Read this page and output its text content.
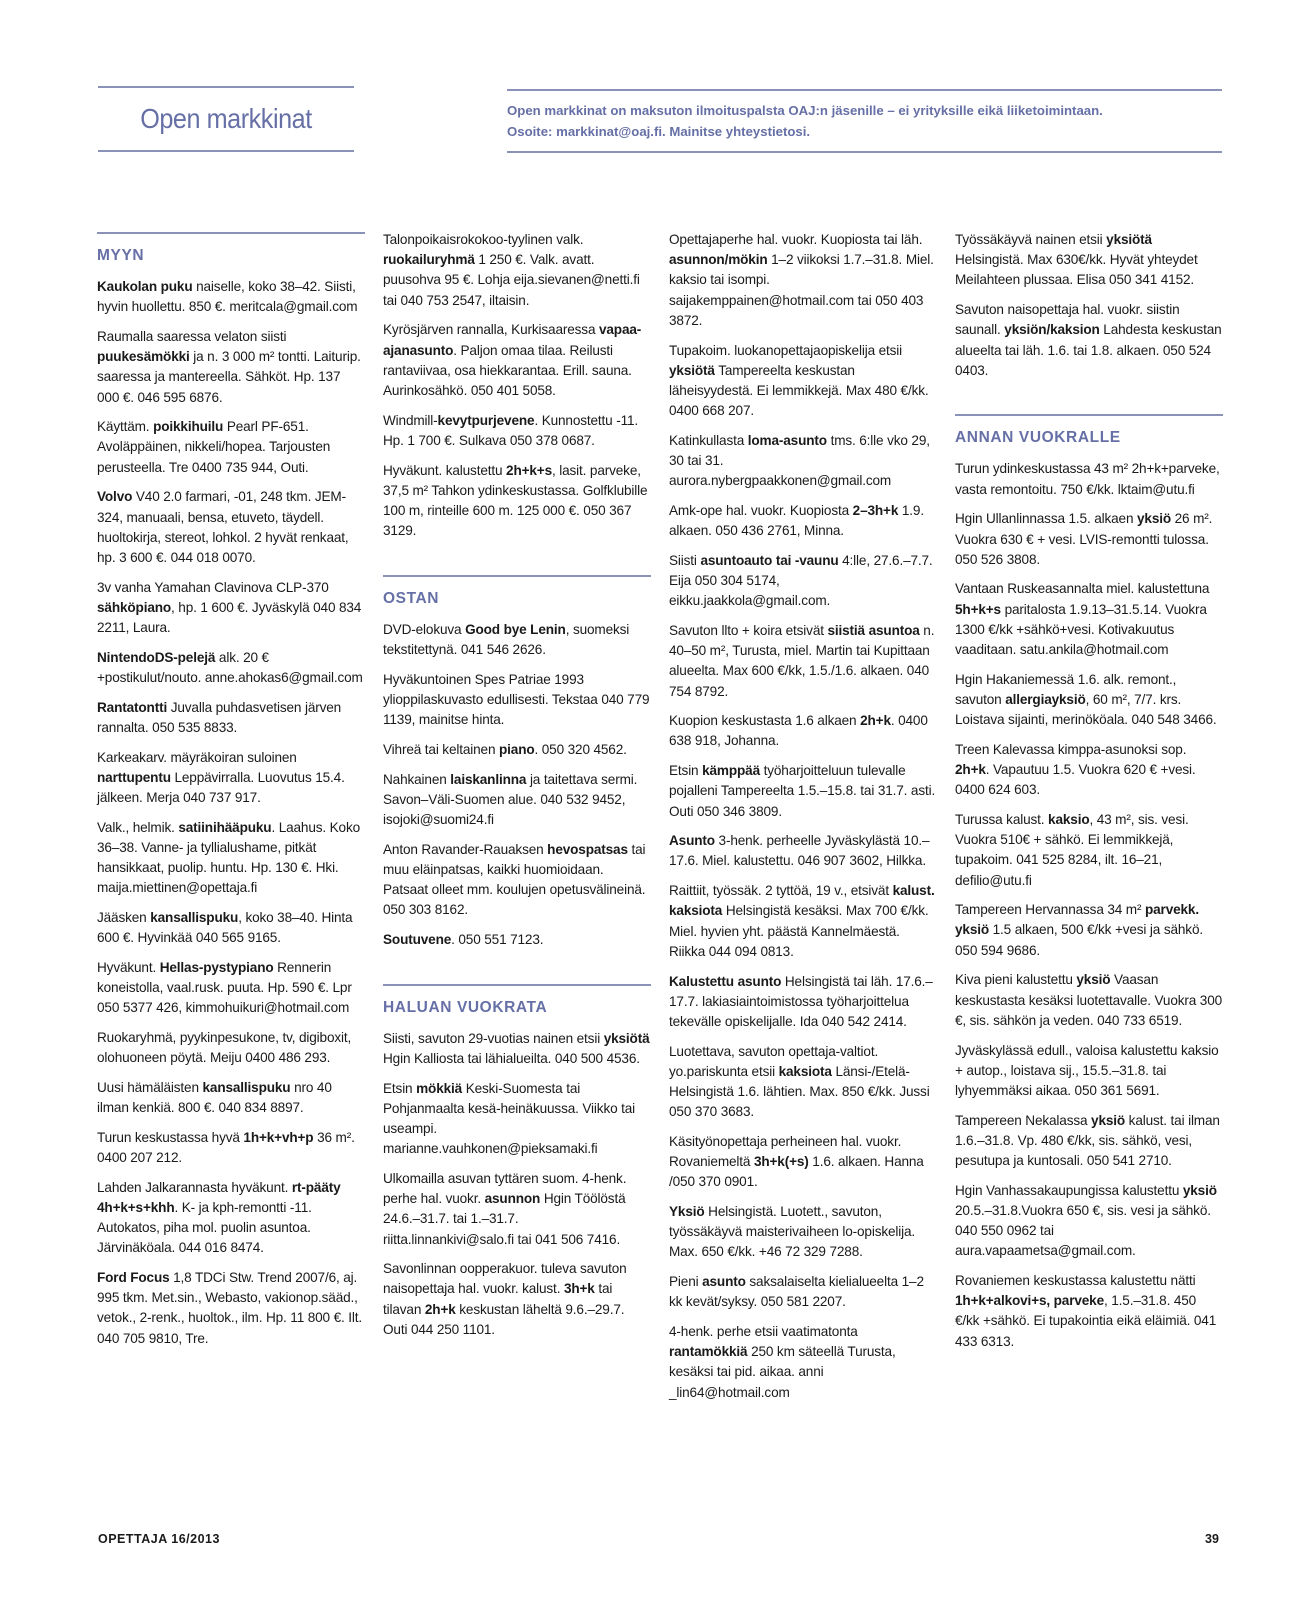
Open markkinat	Open markkinat on maksuton ilmoituspalsta OAJ:n jäsenille – ei yrityksille eikä liiketoimintaan.
Osoite: markkinat@oaj.fi. Mainitse yhteystietosi.

MYYN

Kaukolan puku naiselle, koko 38–42. Siisti, hyvin huollettu. 850 €. meritcala@gmail.com

Raumalla saaressa velaton siisti puukesämökki ja n. 3 000 m² tontti. Laiturip. saaressa ja mantereella. Sähköt. Hp. 137 000 €. 046 595 6876.

Käyttäm. poikkihuilu Pearl PF-651. Avoläppäinen, nikkeli/hopea. Tarjousten perusteella. Tre 0400 735 944, Outi.

Volvo V40 2.0 farmari, -01, 248 tkm. JEM-324, manuaali, bensa, etuveto, täydell. huoltokirja, stereot, lohkol. 2 hyvät renkaat, hp. 3 600 €. 044 018 0070.

3v vanha Yamahan Clavinova CLP-370 sähköpiano, hp. 1 600 €. Jyväskylä 040 834 2211, Laura.

NintendoDS-pelejä alk. 20 €+postikulut/nouto. anne.ahokas6@gmail.com

Rantatontti Juvalla puhdasvetisen järven rannalta. 050 535 8833.

Karkeakarv. mäyräkoiran suloinen narttupentu Leppävirralla. Luovutus 15.4. jälkeen. Merja 040 737 917.

Valk., helmik. satiinihääpuku. Laahus. Koko 36–38. Vanne- ja tyllialushame, pitkät hansikkaat, puolip. huntu. Hp. 130 €. Hki. maija.miettinen@opettaja.fi

Jääsken kansallispuku, koko 38–40. Hinta 600 €. Hyvinkää 040 565 9165.

Hyväkunt. Hellas-pystypiano Rennerin koneistolla, vaal.rusk. puuta. Hp. 590 €. Lpr 050 5377 426, kimmohuikuri@hotmail.com

Ruokaryhmä, pyykinpesukone, tv, digiboxit, olohuoneen pöytä. Meiju 0400 486 293.

Uusi hämäläisten kansallispuku nro 40 ilman kenkiä. 800 €. 040 834 8897.

Turun keskustassa hyvä 1h+k+vh+p 36 m². 0400 207 212.

Lahden Jalkarannasta hyväkunt. rt-pääty 4h+k+s+khh. K- ja kph-remontti -11. Autokatos, piha mol. puolin asuntoa. Järvinäköala. 044 016 8474.

Ford Focus 1,8 TDCi Stw. Trend 2007/6, aj. 995 tkm. Met.sin., Webasto, vakionop.sääd., vetok., 2-renk., huoltok., ilm. Hp. 11 800 €. Ilt. 040 705 9810, Tre.

Talonpoikaisrokokoo-tyylinen valk. ruokailuryhmä 1 250 €. Valk. avatt. puusohva 95 €. Lohja eija.sievanen@netti.fi tai 040 753 2547, iltaisin.

Kyrösjärven rannalla, Kurkisaaressa vapaa-ajanasunto. Paljon omaa tilaa. Reilusti rantaviivaa, osa hiekkarantaa. Erill. sauna. Aurinkosähkö. 050 401 5058.

Windmill-kevytpurjevene. Kunnostettu -11. Hp. 1 700 €. Sulkava 050 378 0687.

Hyväkunt. kalustettu 2h+k+s, lasit. parveke, 37,5 m² Tahkon ydinkeskustassa. Golfklubille 100 m, rinteille 600 m. 125 000 €. 050 367 3129.

OSTAN

DVD-elokuva Good bye Lenin, suomeksi tekstitettynä. 041 546 2626.

Hyväkuntoinen Spes Patriae 1993 ylioppilaskuvasto edullisesti. Tekstaa 040 779 1139, mainitse hinta.

Vihreä tai keltainen piano. 050 320 4562.

Nahkainen laiskanlinna ja taitettava sermi. Savon–Väli-Suomen alue. 040 532 9452, isojoki@suomi24.fi

Anton Ravander-Rauaksen hevospatsas tai muu eläinpatsas, kaikki huomioidaan. Patsaat olleet mm. koulujen opetusvälineinä. 050 303 8162.

Soutuvene. 050 551 7123.

HALUAN VUOKRATA

Siisti, savuton 29-vuotias nainen etsii yksiötä Hgin Kalliosta tai lähialueilta. 040 500 4536.

Etsin mökkiä Keski-Suomesta tai Pohjanmaalta kesä-heinäkuussa. Viikko tai useampi. marianne.vauhkonen@pieksamaki.fi

Ulkomailla asuvan tyttären suom. 4-henk. perhe hal. vuokr. asunnon Hgin Töölöstä 24.6.–31.7. tai 1.–31.7. riitta.linnankivi@salo.fi tai 041 506 7416.

Savonlinnan oopperakuor. tuleva savuton naisopettaja hal. vuokr. kalust. 3h+k tai tilavan 2h+k keskustan läheltä 9.6.–29.7. Outi 044 250 1101.

Opettajaperhe hal. vuokr. Kuopiosta tai läh. asunnon/mökin 1–2 viikoksi 1.7.–31.8. Miel. kaksio tai isompi. saijakemppainen@hotmail.com tai 050 403 3872.

Tupakoim. luokanopettajaopiskelija etsii yksiötä Tampereelta keskustan läheisyydestä. Ei lemmikkejä. Max 480 €/kk. 0400 668 207.

Katinkullasta loma-asunto tms. 6:lle vko 29, 30 tai 31. aurora.nybergpaakkonen@gmail.com

Amk-ope hal. vuokr. Kuopiosta 2–3h+k 1.9. alkaen. 050 436 2761, Minna.

Siisti asuntoauto tai -vaunu 4:lle, 27.6.–7.7. Eija 050 304 5174, eikku.jaakkola@gmail.com.

Savuton llto + koira etsivät siistiä asuntoa n. 40–50 m², Turusta, miel. Martin tai Kupittaan alueelta. Max 600 €/kk, 1.5./1.6. alkaen. 040 754 8792.

Kuopion keskustasta 1.6 alkaen 2h+k. 0400 638 918, Johanna.

Etsin kämppää työharjoitteluun tulevalle pojalleni Tampereelta 1.5.–15.8. tai 31.7. asti. Outi 050 346 3809.

Asunto 3-henk. perheelle Jyväskylästä 10.–17.6. Miel. kalustettu. 046 907 3602, Hilkka.

Raittiit, työssäk. 2 tyttöä, 19 v., etsivät kalust. kaksiota Helsingistä kesäksi. Max 700 €/kk. Miel. hyvien yht. päästä Kannelmäestä. Riikka 044 094 0813.

Kalustettu asunto Helsingistä tai läh. 17.6.–17.7. lakiasiaintoimistossa työharjoittelua tekevälle opiskelijalle. Ida 040 542 2414.

Luotettava, savuton opettaja-valtiot. yo.pariskunta etsii kaksiota Länsi-/Etelä-Helsingistä 1.6. lähtien. Max. 850 €/kk. Jussi 050 370 3683.

Käsityönopettaja perheineen hal. vuokr. Rovaniemeltä 3h+k(+s) 1.6. alkaen. Hanna /050 370 0901.

Yksiö Helsingistä. Luotett., savuton, työssäkäyvä maisterivaiheen lo-opiskelija. Max. 650 €/kk. +46 72 329 7288.

Pieni asunto saksalaiselta kielialueelta 1–2 kk kevät/syksy. 050 581 2207.

4-henk. perhe etsii vaatimatonta rantamökkiä 250 km säteellä Turusta, kesäksi tai pid. aikaa. anni _lin64@hotmail.com

Työssäkäyvä nainen etsii yksiötä Helsingistä. Max 630€/kk. Hyvät yhteydet Meilahteen plussaa. Elisa 050 341 4152.

Savuton naisopettaja hal. vuokr. siistin saunall. yksiön/kaksion Lahdesta keskustan alueelta tai läh. 1.6. tai 1.8. alkaen. 050 524 0403.

ANNAN VUOKRALLE

Turun ydinkeskustassa 43 m² 2h+k+parveke, vasta remontoitu. 750 €/kk. lktaim@utu.fi

Hgin Ullanlinnassa 1.5. alkaen yksiö 26 m². Vuokra 630 € + vesi. LVIS-remontti tulossa. 050 526 3808.

Vantaan Ruskeasannalta miel. kalustettuna 5h+k+s paritalosta 1.9.13–31.5.14. Vuokra 1300 €/kk +sähkö+vesi. Kotivakuutus vaaditaan. satu.ankila@hotmail.com

Hgin Hakaniemessä 1.6. alk. remont., savuton allergiayksiö, 60 m², 7/7. krs. Loistava sijainti, merinököala. 040 548 3466.

Treen Kalevassa kimppa-asunoksi sop. 2h+k. Vapautuu 1.5. Vuokra 620 € +vesi. 0400 624 603.

Turussa kalust. kaksio, 43 m², sis. vesi. Vuokra 510€ + sähkö. Ei lemmikkejä, tupakoim. 041 525 8284, ilt. 16–21, defilio@utu.fi

Tampereen Hervannassa 34 m² parvekk. yksiö 1.5 alkaen, 500 €/kk +vesi ja sähkö. 050 594 9686.

Kiva pieni kalustettu yksiö Vaasan keskustasta kesäksi luotettavalle. Vuokra 300 €, sis. sähkön ja veden. 040 733 6519.

Jyväskylässä edull., valoisa kalustettu kaksio + autop., loistava sij., 15.5.–31.8. tai lyhyemmäksi aikaa. 050 361 5691.

Tampereen Nekalassa yksiö kalust. tai ilman 1.6.–31.8. Vp. 480 €/kk, sis. sähkö, vesi, pesutupa ja kuntosali. 050 541 2710.

Hgin Vanhassakaupungissa kalustettu yksiö 20.5.–31.8.Vuokra 650 €, sis. vesi ja sähkö. 040 550 0962 tai aura.vapaametsa@gmail.com.

Rovaniemen keskustassa kalustettu nätti 1h+k+alkovi+s, parveke, 1.5.–31.8. 450 €/kk +sähkö. Ei tupakointia eikä eläimiä. 041 433 6313.

OPETTAJA 16/2013	39
